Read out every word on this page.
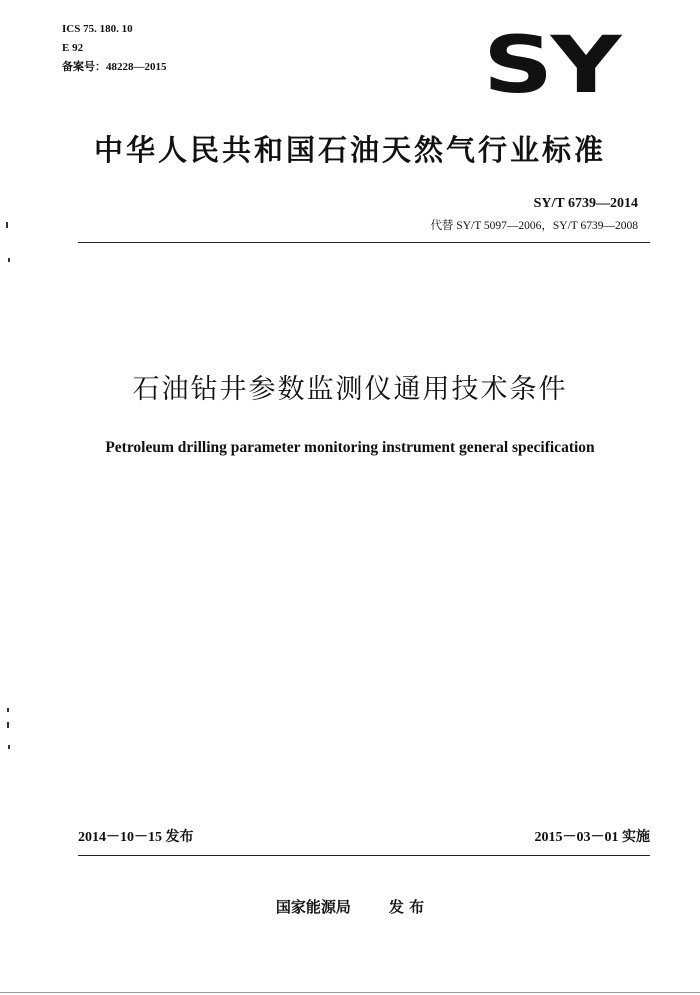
ICS 75. 180. 10
E 92
备案号：48228—2015	SY
中华人民共和国石油天然气行业标准
SY/T 6739—2014
代替 SY/T 5097—2006，SY/T 6739—2008
石油钻井参数监测仪通用技术条件
Petroleum drilling parameter monitoring instrument general specification
2014－10－15 发布	2015－03－01 实施
国家能源局	发 布
